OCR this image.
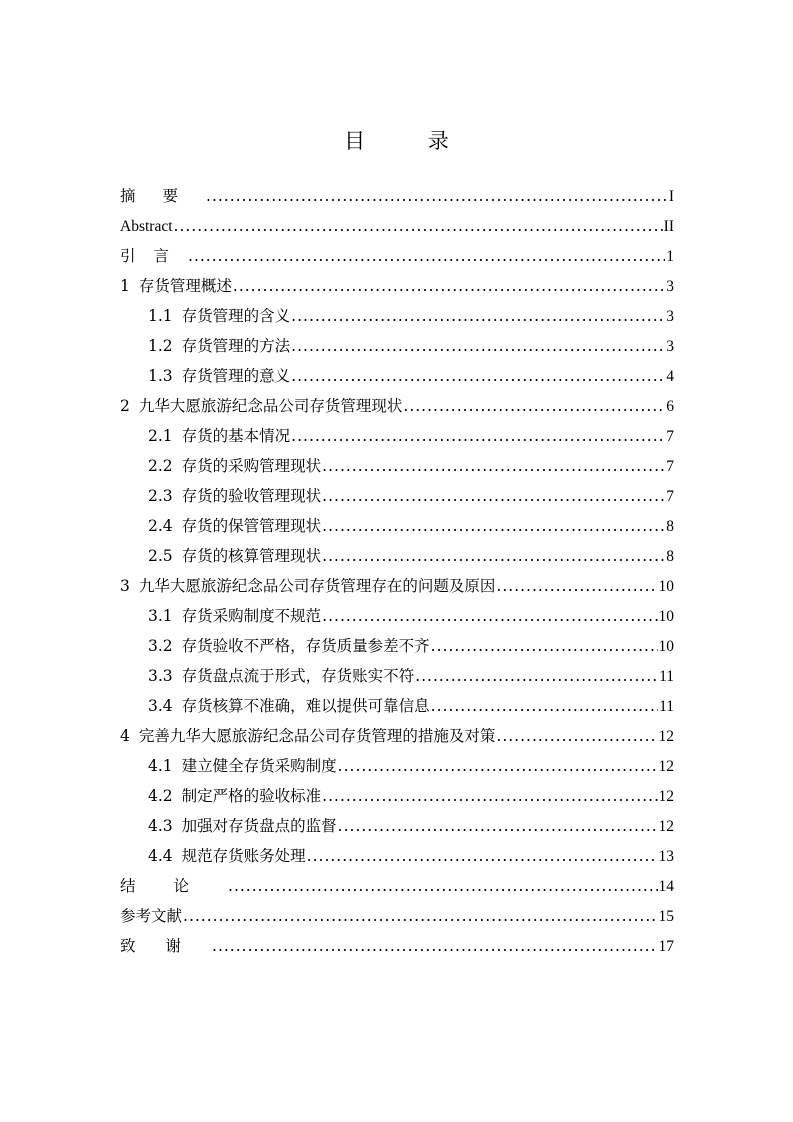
目 录
摘要 .....	I
Abstract .....	II
引言 .....	1
1 存货管理概述 .....	3
1.1 存货管理的含义 .....	3
1.2 存货管理的方法 .....	3
1.3 存货管理的意义 .....	4
2 九华大愿旅游纪念品公司存货管理现状 .....	6
2.1 存货的基本情况 .....	7
2.2 存货的采购管理现状 .....	7
2.3 存货的验收管理现状 .....	7
2.4 存货的保管管理现状 .....	8
2.5 存货的核算管理现状 .....	8
3 九华大愿旅游纪念品公司存货管理存在的问题及原因 .....	10
3.1 存货采购制度不规范 .....	10
3.2 存货验收不严格，存货质量参差不齐 .....	10
3.3 存货盘点流于形式，存货账实不符 .....	11
3.4 存货核算不准确，难以提供可靠信息 .....	11
4 完善九华大愿旅游纪念品公司存货管理的措施及对策 .....	12
4.1 建立健全存货采购制度 .....	12
4.2 制定严格的验收标准 .....	12
4.3 加强对存货盘点的监督 .....	12
4.4 规范存货账务处理 .....	13
结论 .....	14
参考文献 .....	15
致谢 .....	17
